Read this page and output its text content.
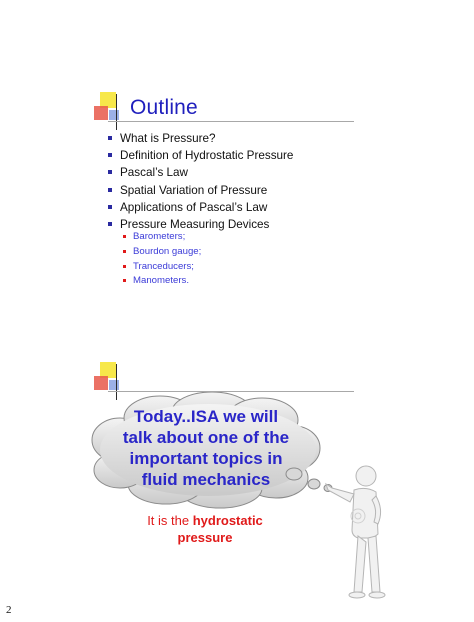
Outline
What is Pressure?
Definition of Hydrostatic Pressure
Pascal’s Law
Spatial Variation of Pressure
Applications of Pascal’s Law
Pressure Measuring Devices
Barometers;
Bourdon gauge;
Tranceducers;
Manometers.
Today..ISA we will
talk about one of the
important topics in
fluid mechanics
It is the hydrostatic
pressure
2
